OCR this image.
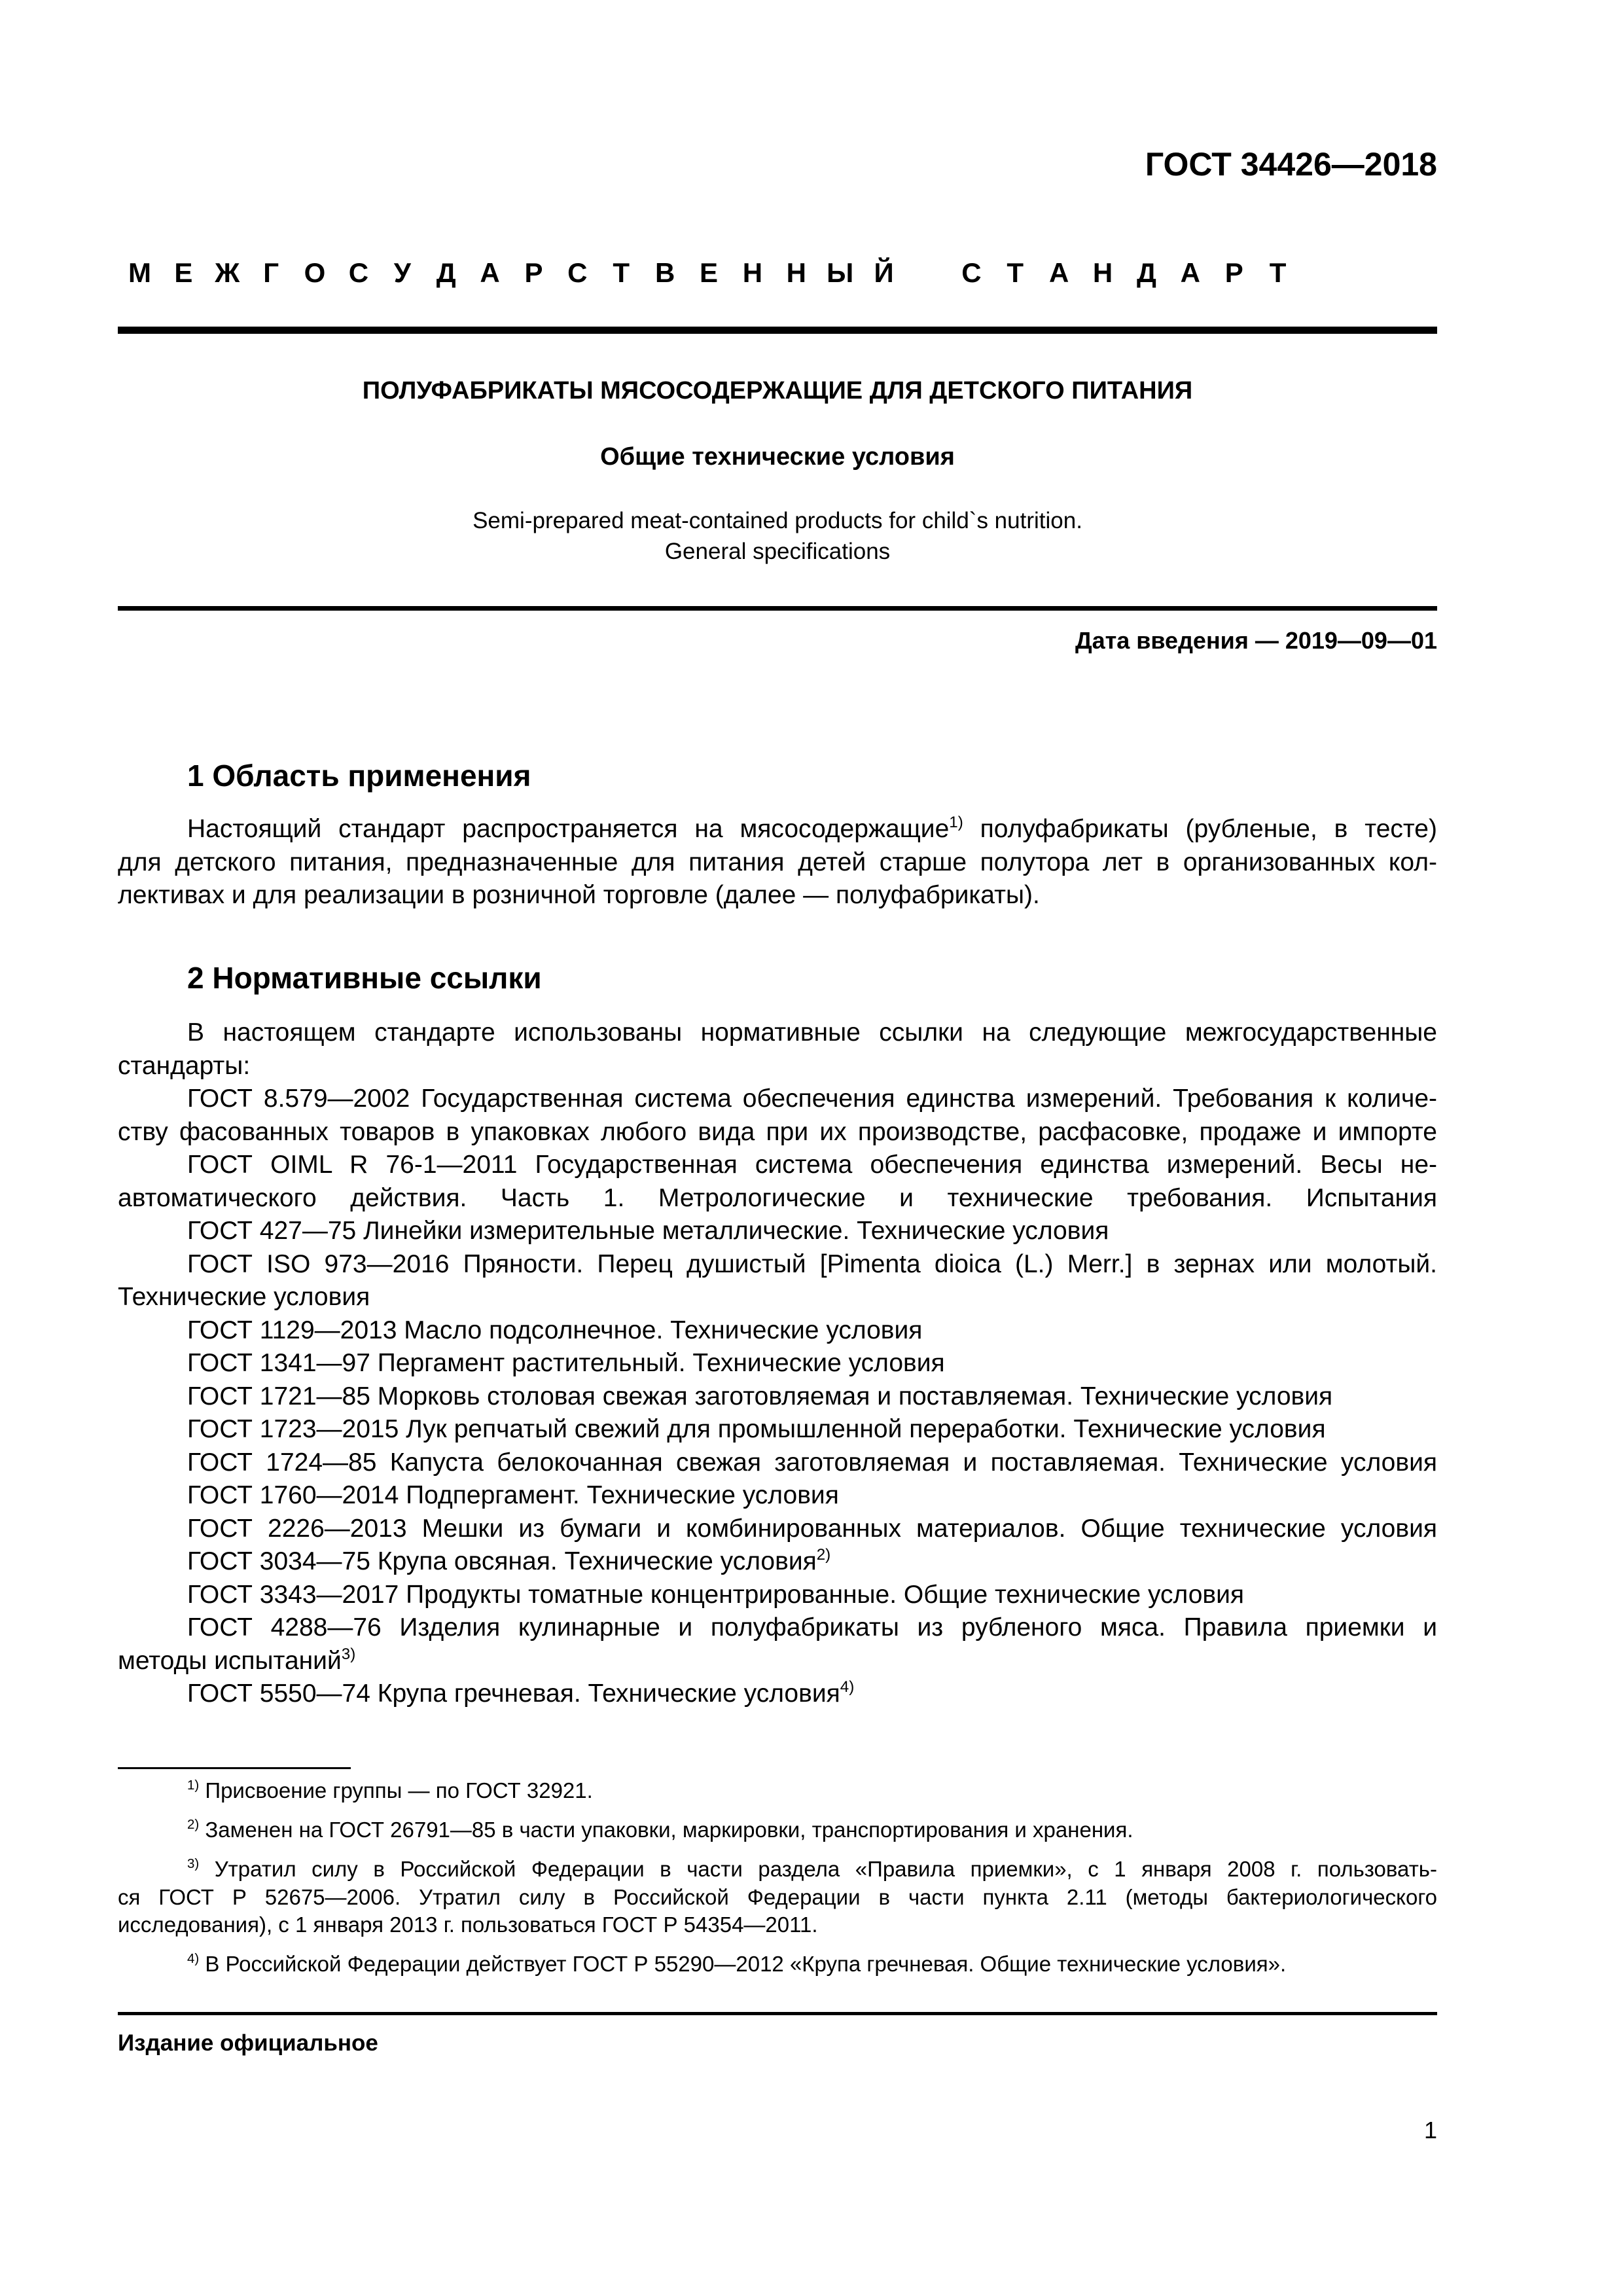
ГОСТ 34426—2018
М Е Ж Г О С У Д А Р С Т В Е Н Н Ы Й
	С Т А Н Д А Р Т
ПОЛУФАБРИКАТЫ МЯСОСОДЕРЖАЩИЕ ДЛЯ ДЕТСКОГО ПИТАНИЯ
Общие технические условия
Semi-prepared meat-contained products for child`s nutrition.
General specifications
Дата введения — 2019—09—01
1 Область применения
Настоящий стандарт распространяется на мясосодержащие$^{1)}$ полуфабрикаты (рубленые, в тесте)
для детского питания, предназначенные для питания детей старше полутора лет в организованных кол-
лективах и для реализации в розничной торговле (далее — полуфабрикаты).
2 Нормативные ссылки
В настоящем стандарте использованы нормативные ссылки на следующие межгосударственные
стандарты:
ГОСТ 8.579—2002 Государственная система обеспечения единства измерений. Требования к количе-
ству фасованных товаров в упаковках любого вида при их производстве, расфасовке, продаже и импорте
ГОСТ OIML R 76-1—2011 Государственная система обеспечения единства измерений. Весы не-
автоматического действия. Часть 1. Метрологические и технические требования. Испытания
ГОСТ 427—75 Линейки измерительные металлические. Технические условия
ГОСТ ISO 973—2016 Пряности. Перец душистый [Pimenta dioica (L.) Merr.] в зернах или молотый.
Технические условия
ГОСТ 1129—2013 Масло подсолнечное. Технические условия
ГОСТ 1341—97 Пергамент растительный. Технические условия
ГОСТ 1721—85 Морковь столовая свежая заготовляемая и поставляемая. Технические условия
ГОСТ 1723—2015 Лук репчатый свежий для промышленной переработки. Технические условия
ГОСТ 1724—85 Капуста белокочанная свежая заготовляемая и поставляемая. Технические условия
ГОСТ 1760—2014 Подпергамент. Технические условия
ГОСТ 2226—2013 Мешки из бумаги и комбинированных материалов. Общие технические условия
ГОСТ 3034—75 Крупа овсяная. Технические условия$^{2)}$
ГОСТ 3343—2017 Продукты томатные концентрированные. Общие технические условия
ГОСТ 4288—76 Изделия кулинарные и полуфабрикаты из рубленого мяса. Правила приемки и
методы испытаний$^{3)}$
ГОСТ 5550—74 Крупа гречневая. Технические условия$^{4)}$
$^{1)}$ Присвоение группы — по ГОСТ 32921.
$^{2)}$ Заменен на ГОСТ 26791—85 в части упаковки, маркировки, транспортирования и хранения.
$^{3)}$ Утратил силу в Российской Федерации в части раздела «Правила приемки», с 1 января 2008 г. пользовать-
ся ГОСТ Р 52675—2006. Утратил силу в Российской Федерации в части пункта 2.11 (методы бактериологического
исследования), с 1 января 2013 г. пользоваться ГОСТ Р 54354—2011.
$^{4)}$ В Российской Федерации действует ГОСТ Р 55290—2012 «Крупа гречневая. Общие технические условия».
Издание официальное
1
